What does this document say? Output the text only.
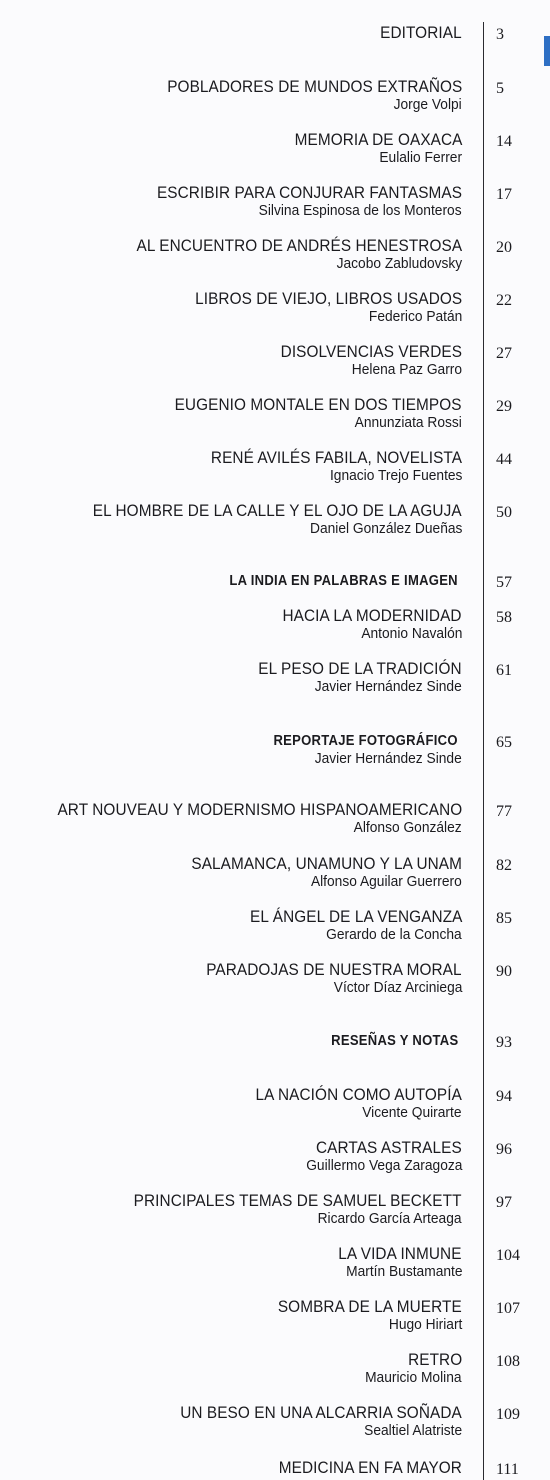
EDITORIAL 3
POBLADORES DE MUNDOS EXTRAÑOS
Jorge Volpi
5
MEMORIA DE OAXACA
Eulalio Ferrer
14
ESCRIBIR PARA CONJURAR FANTASMAS
Silvina Espinosa de los Monteros
17
AL ENCUENTRO DE ANDRÉS HENESTROSA
Jacobo Zabludovsky
20
LIBROS DE VIEJO, LIBROS USADOS
Federico Patán
22
DISOLVENCIAS VERDES
Helena Paz Garro
27
EUGENIO MONTALE EN DOS TIEMPOS
Annunziata Rossi
29
RENÉ AVILÉS FABILA, NOVELISTA
Ignacio Trejo Fuentes
44
EL HOMBRE DE LA CALLE Y EL OJO DE LA AGUJA
Daniel González Dueñas
50
LA INDIA EN PALABRAS E IMAGEN 57
HACIA LA MODERNIDAD
Antonio Navalón
58
EL PESO DE LA TRADICIÓN
Javier Hernández Sinde
61
REPORTAJE FOTOGRÁFICO
Javier Hernández Sinde
65
ART NOUVEAU Y MODERNISMO HISPANOAMERICANO
Alfonso González
77
SALAMANCA, UNAMUNO Y LA UNAM
Alfonso Aguilar Guerrero
82
EL ÁNGEL DE LA VENGANZA
Gerardo de la Concha
85
PARADOJAS DE NUESTRA MORAL
Víctor Díaz Arciniega
90
RESEÑAS Y NOTAS 93
LA NACIÓN COMO AUTOPÍA
Vicente Quirarte
94
CARTAS ASTRALES
Guillermo Vega Zaragoza
96
PRINCIPALES TEMAS DE SAMUEL BECKETT
Ricardo García Arteaga
97
LA VIDA INMUNE
Martín Bustamante
104
SOMBRA DE LA MUERTE
Hugo Hiriart
107
RETRO
Mauricio Molina
108
UN BESO EN UNA ALCARRIA SOÑADA
Sealtiel Alatriste
109
MEDICINA EN FA MAYOR 111
